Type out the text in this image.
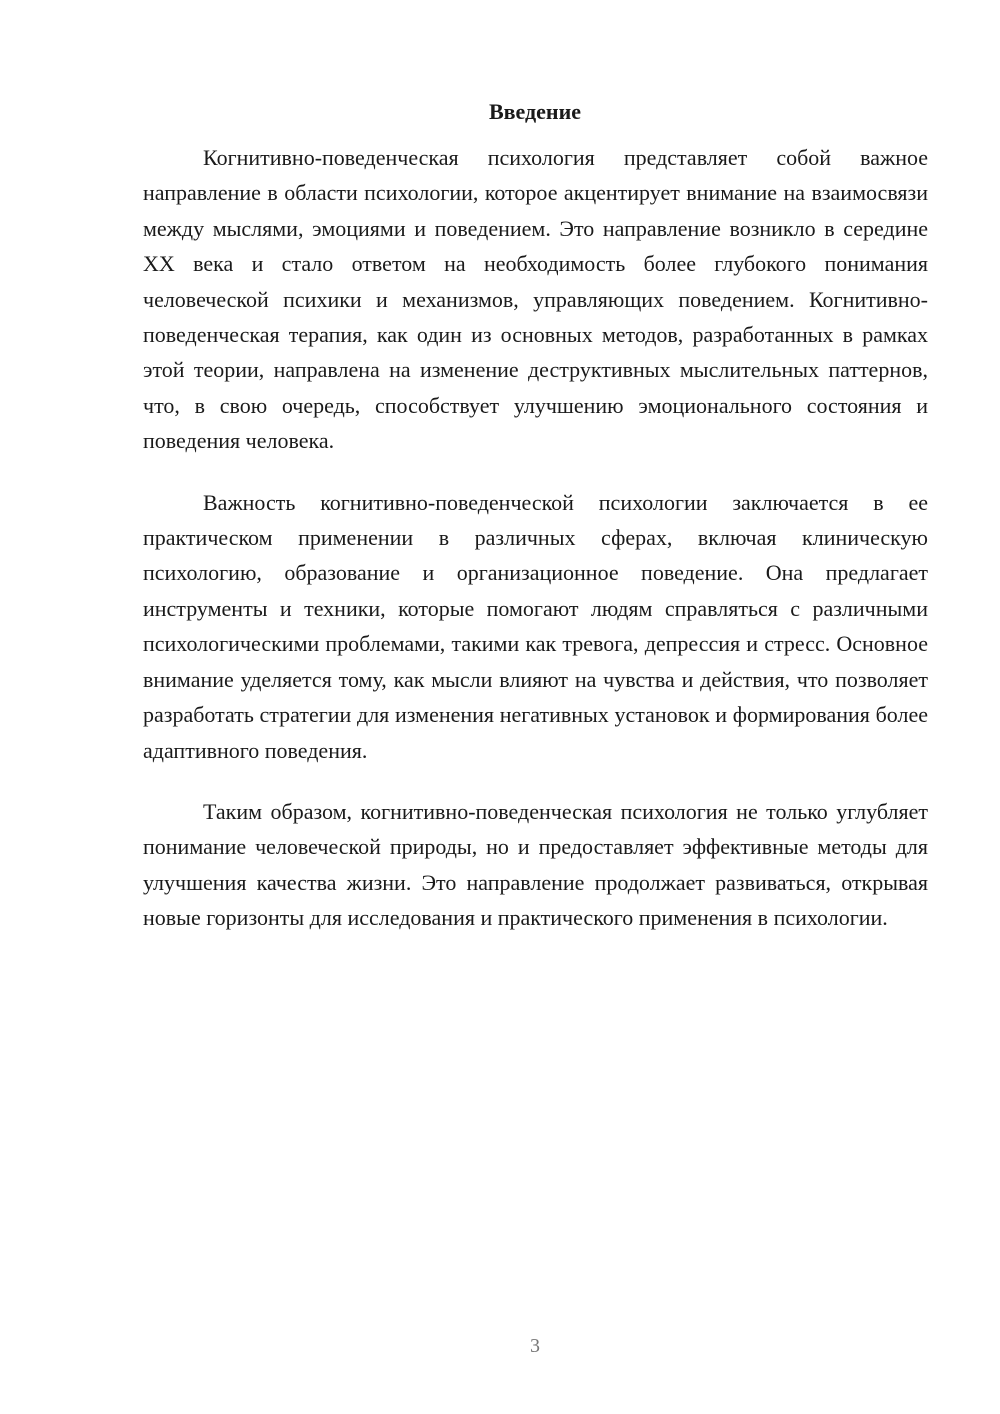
Введение

Когнитивно-поведенческая психология представляет собой важное направление в области психологии, которое акцентирует внимание на взаимосвязи между мыслями, эмоциями и поведением. Это направление возникло в середине XX века и стало ответом на необходимость более глубокого понимания человеческой психики и механизмов, управляющих поведением. Когнитивно-поведенческая терапия, как один из основных методов, разработанных в рамках этой теории, направлена на изменение деструктивных мыслительных паттернов, что, в свою очередь, способствует улучшению эмоционального состояния и поведения человека.

Важность когнитивно-поведенческой психологии заключается в ее практическом применении в различных сферах, включая клиническую психологию, образование и организационное поведение. Она предлагает инструменты и техники, которые помогают людям справляться с различными психологическими проблемами, такими как тревога, депрессия и стресс. Основное внимание уделяется тому, как мысли влияют на чувства и действия, что позволяет разработать стратегии для изменения негативных установок и формирования более адаптивного поведения.

Таким образом, когнитивно-поведенческая психология не только углубляет понимание человеческой природы, но и предоставляет эффективные методы для улучшения качества жизни. Это направление продолжает развиваться, открывая новые горизонты для исследования и практического применения в психологии.

3
